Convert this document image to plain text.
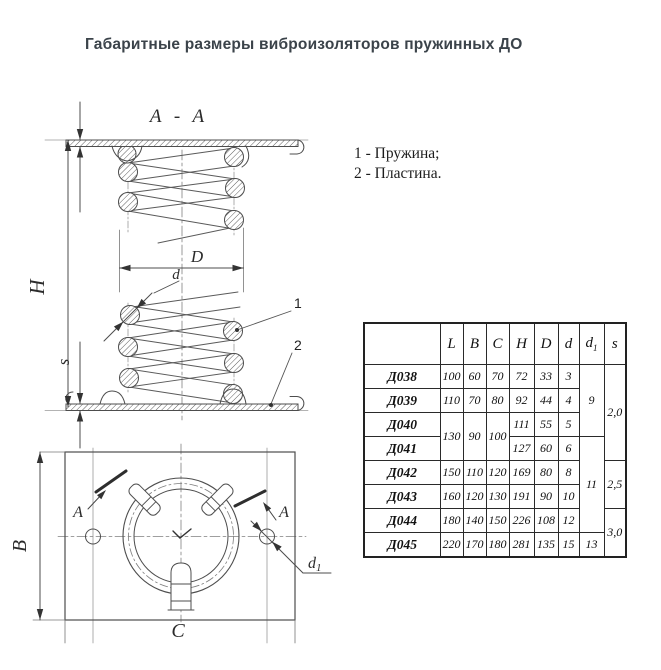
Габаритные размеры виброизоляторов пружинных ДО
1 - Пружина;
2 - Пластина.
A - A
H
s
D
d
1
2
B
C
A	A
d1
	L	B	C	H	D	d	$d_1$	s
Д038	100	60	70	72	33	3	9	2,0
Д039	110	70	80	92	44	4		
Д040	130	90	100	111	55	5		
Д041				127	60	6	11	
Д042	150	110	120	169	80	8		2,5
Д043	160	120	130	191	90	10		
Д044	180	140	150	226	108	12		3,0
Д045	220	170	180	281	135	15	13	
